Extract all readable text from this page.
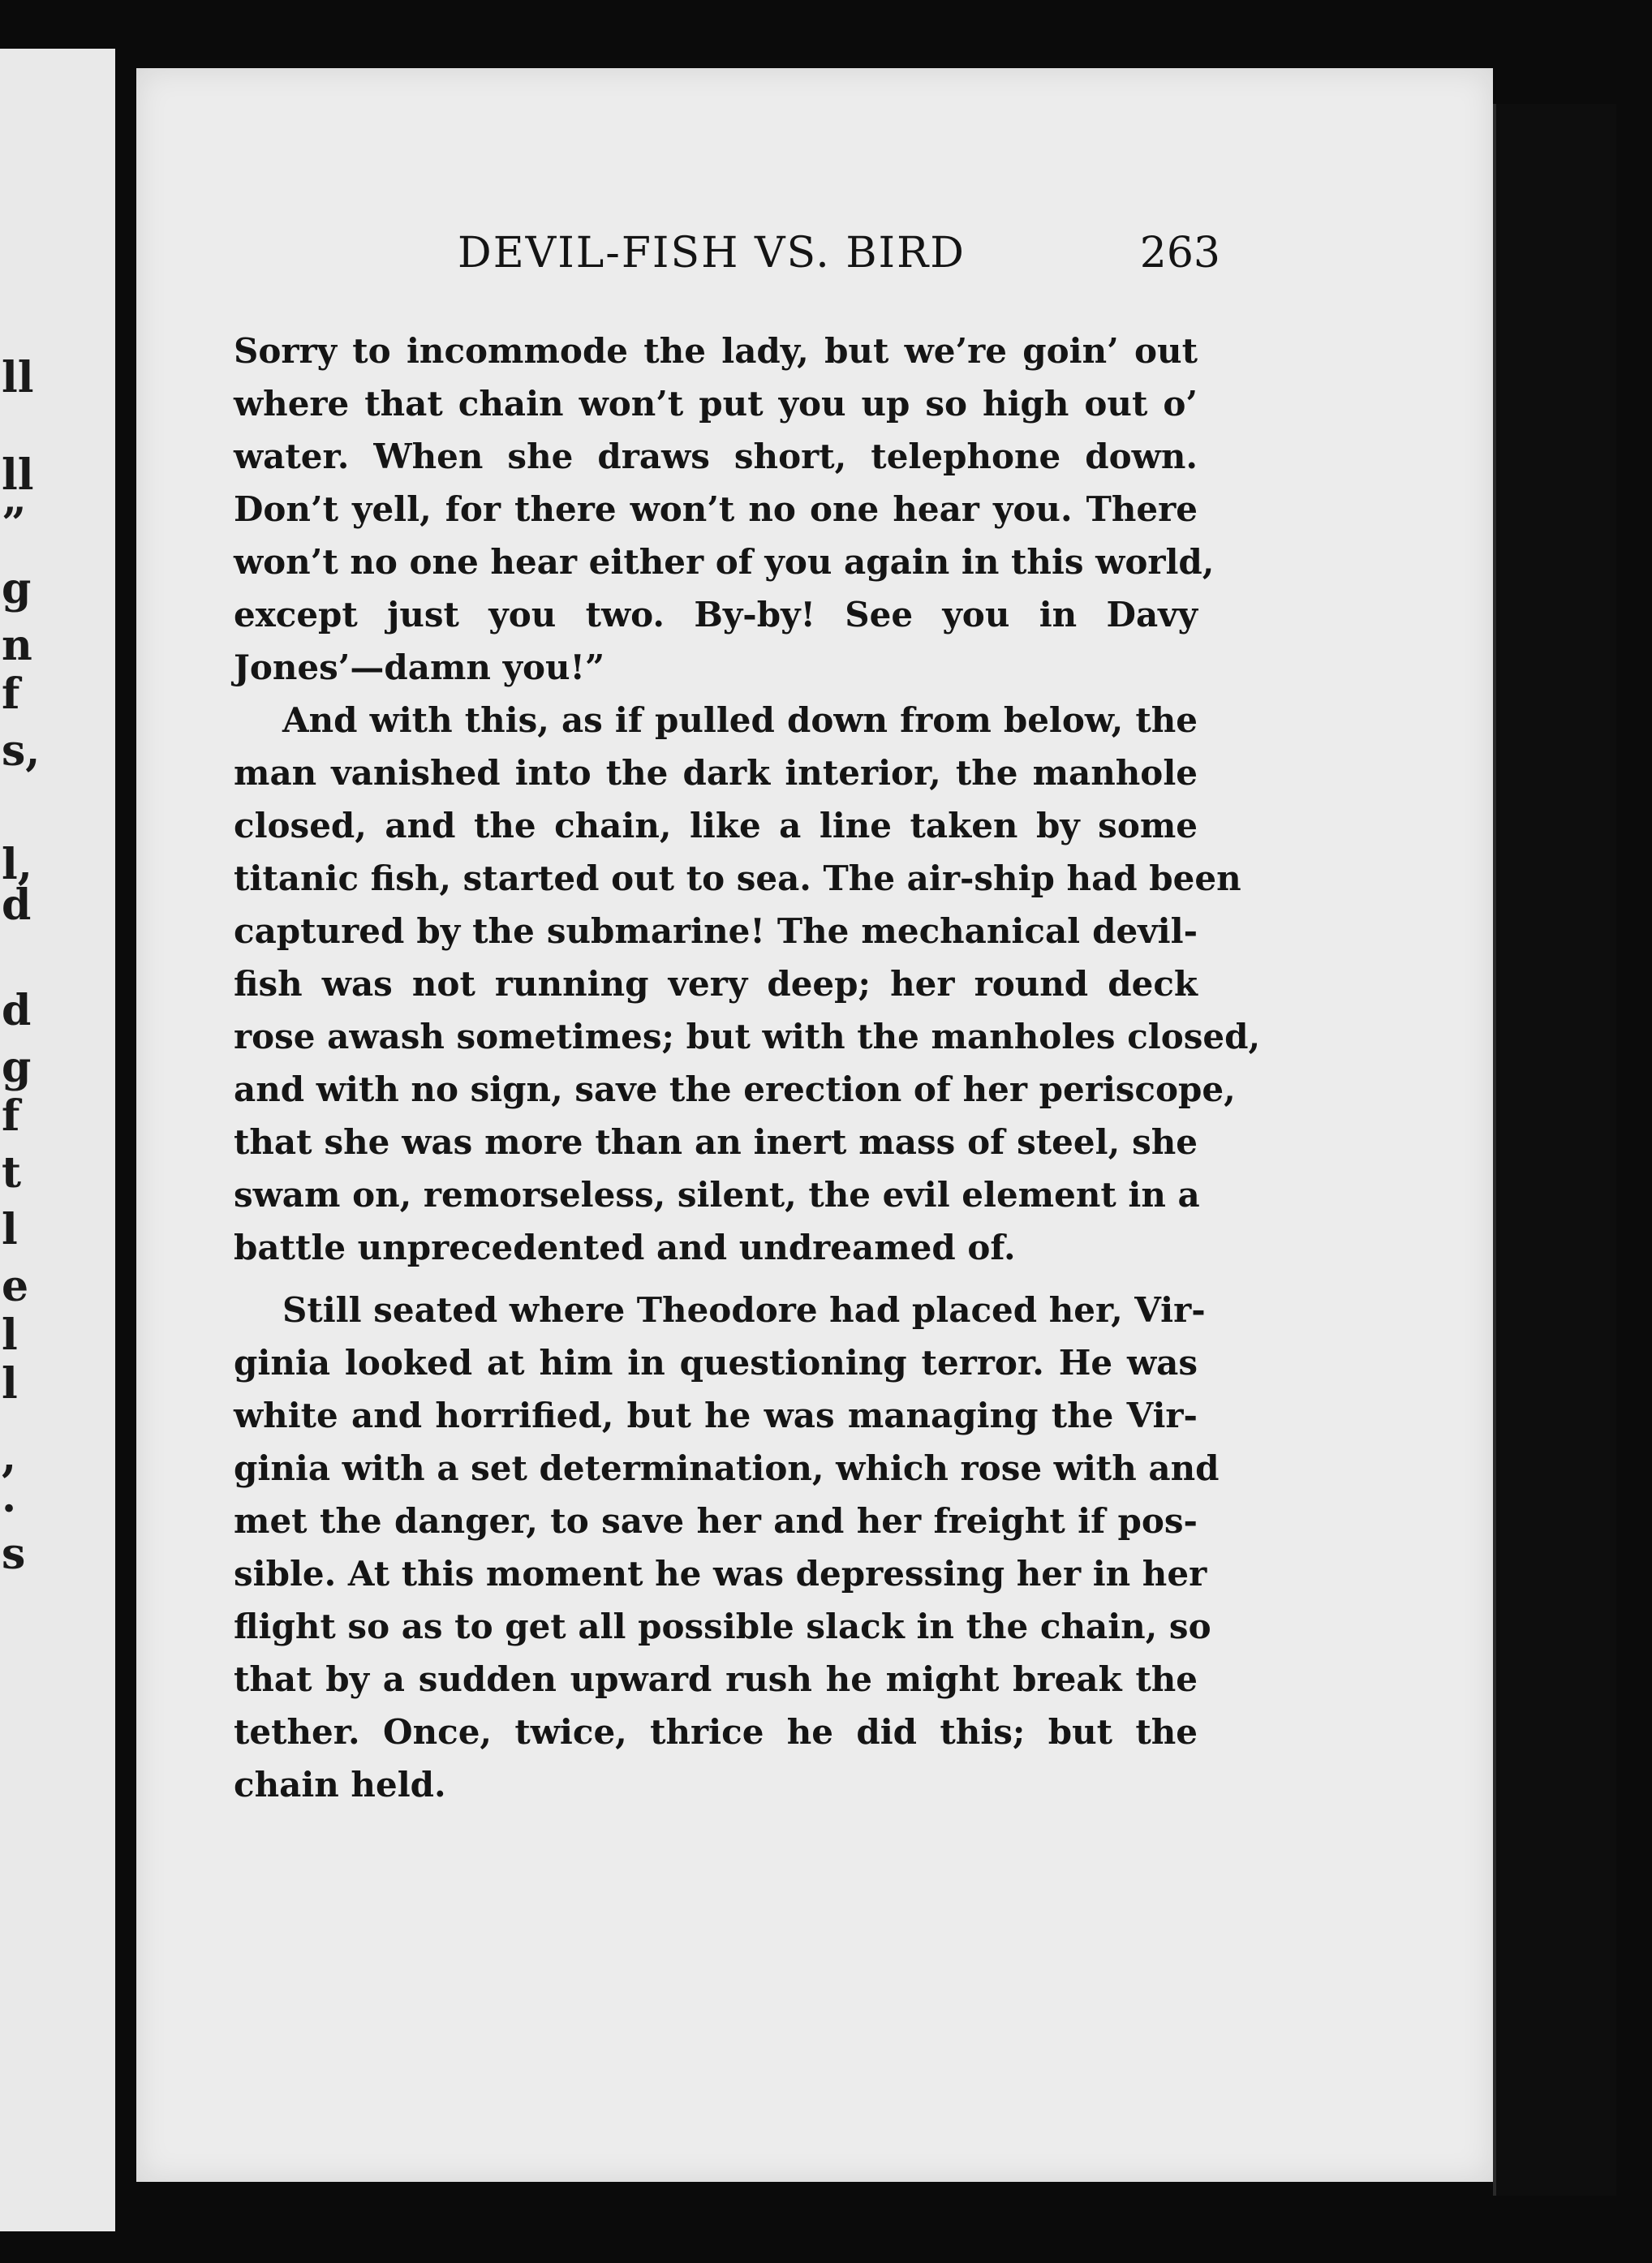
ll
ll
”
g
n
f
s,
l,
d
d
g
f
t
l
e
l
l
,
.
s
DEVIL-FISH VS. BIRD	263
Sorry to incommode the lady, but we’re goin’ out
where that chain won’t put you up so high out o’
water. When she draws short, telephone down.
Don’t yell, for there won’t no one hear you. There
won’t no one hear either of you again in this world,
except just you two. By-by! See you in Davy
Jones’—damn you!”
And with this, as if pulled down from below, the
man vanished into the dark interior, the manhole
closed, and the chain, like a line taken by some
titanic fish, started out to sea. The air-ship had been
captured by the submarine! The mechanical devil-
fish was not running very deep; her round deck
rose awash sometimes; but with the manholes closed,
and with no sign, save the erection of her periscope,
that she was more than an inert mass of steel, she
swam on, remorseless, silent, the evil element in a
battle unprecedented and undreamed of.
Still seated where Theodore had placed her, Vir-
ginia looked at him in questioning terror. He was
white and horrified, but he was managing the Vir-
ginia with a set determination, which rose with and
met the danger, to save her and her freight if pos-
sible. At this moment he was depressing her in her
flight so as to get all possible slack in the chain, so
that by a sudden upward rush he might break the
tether. Once, twice, thrice he did this; but the
chain held.
